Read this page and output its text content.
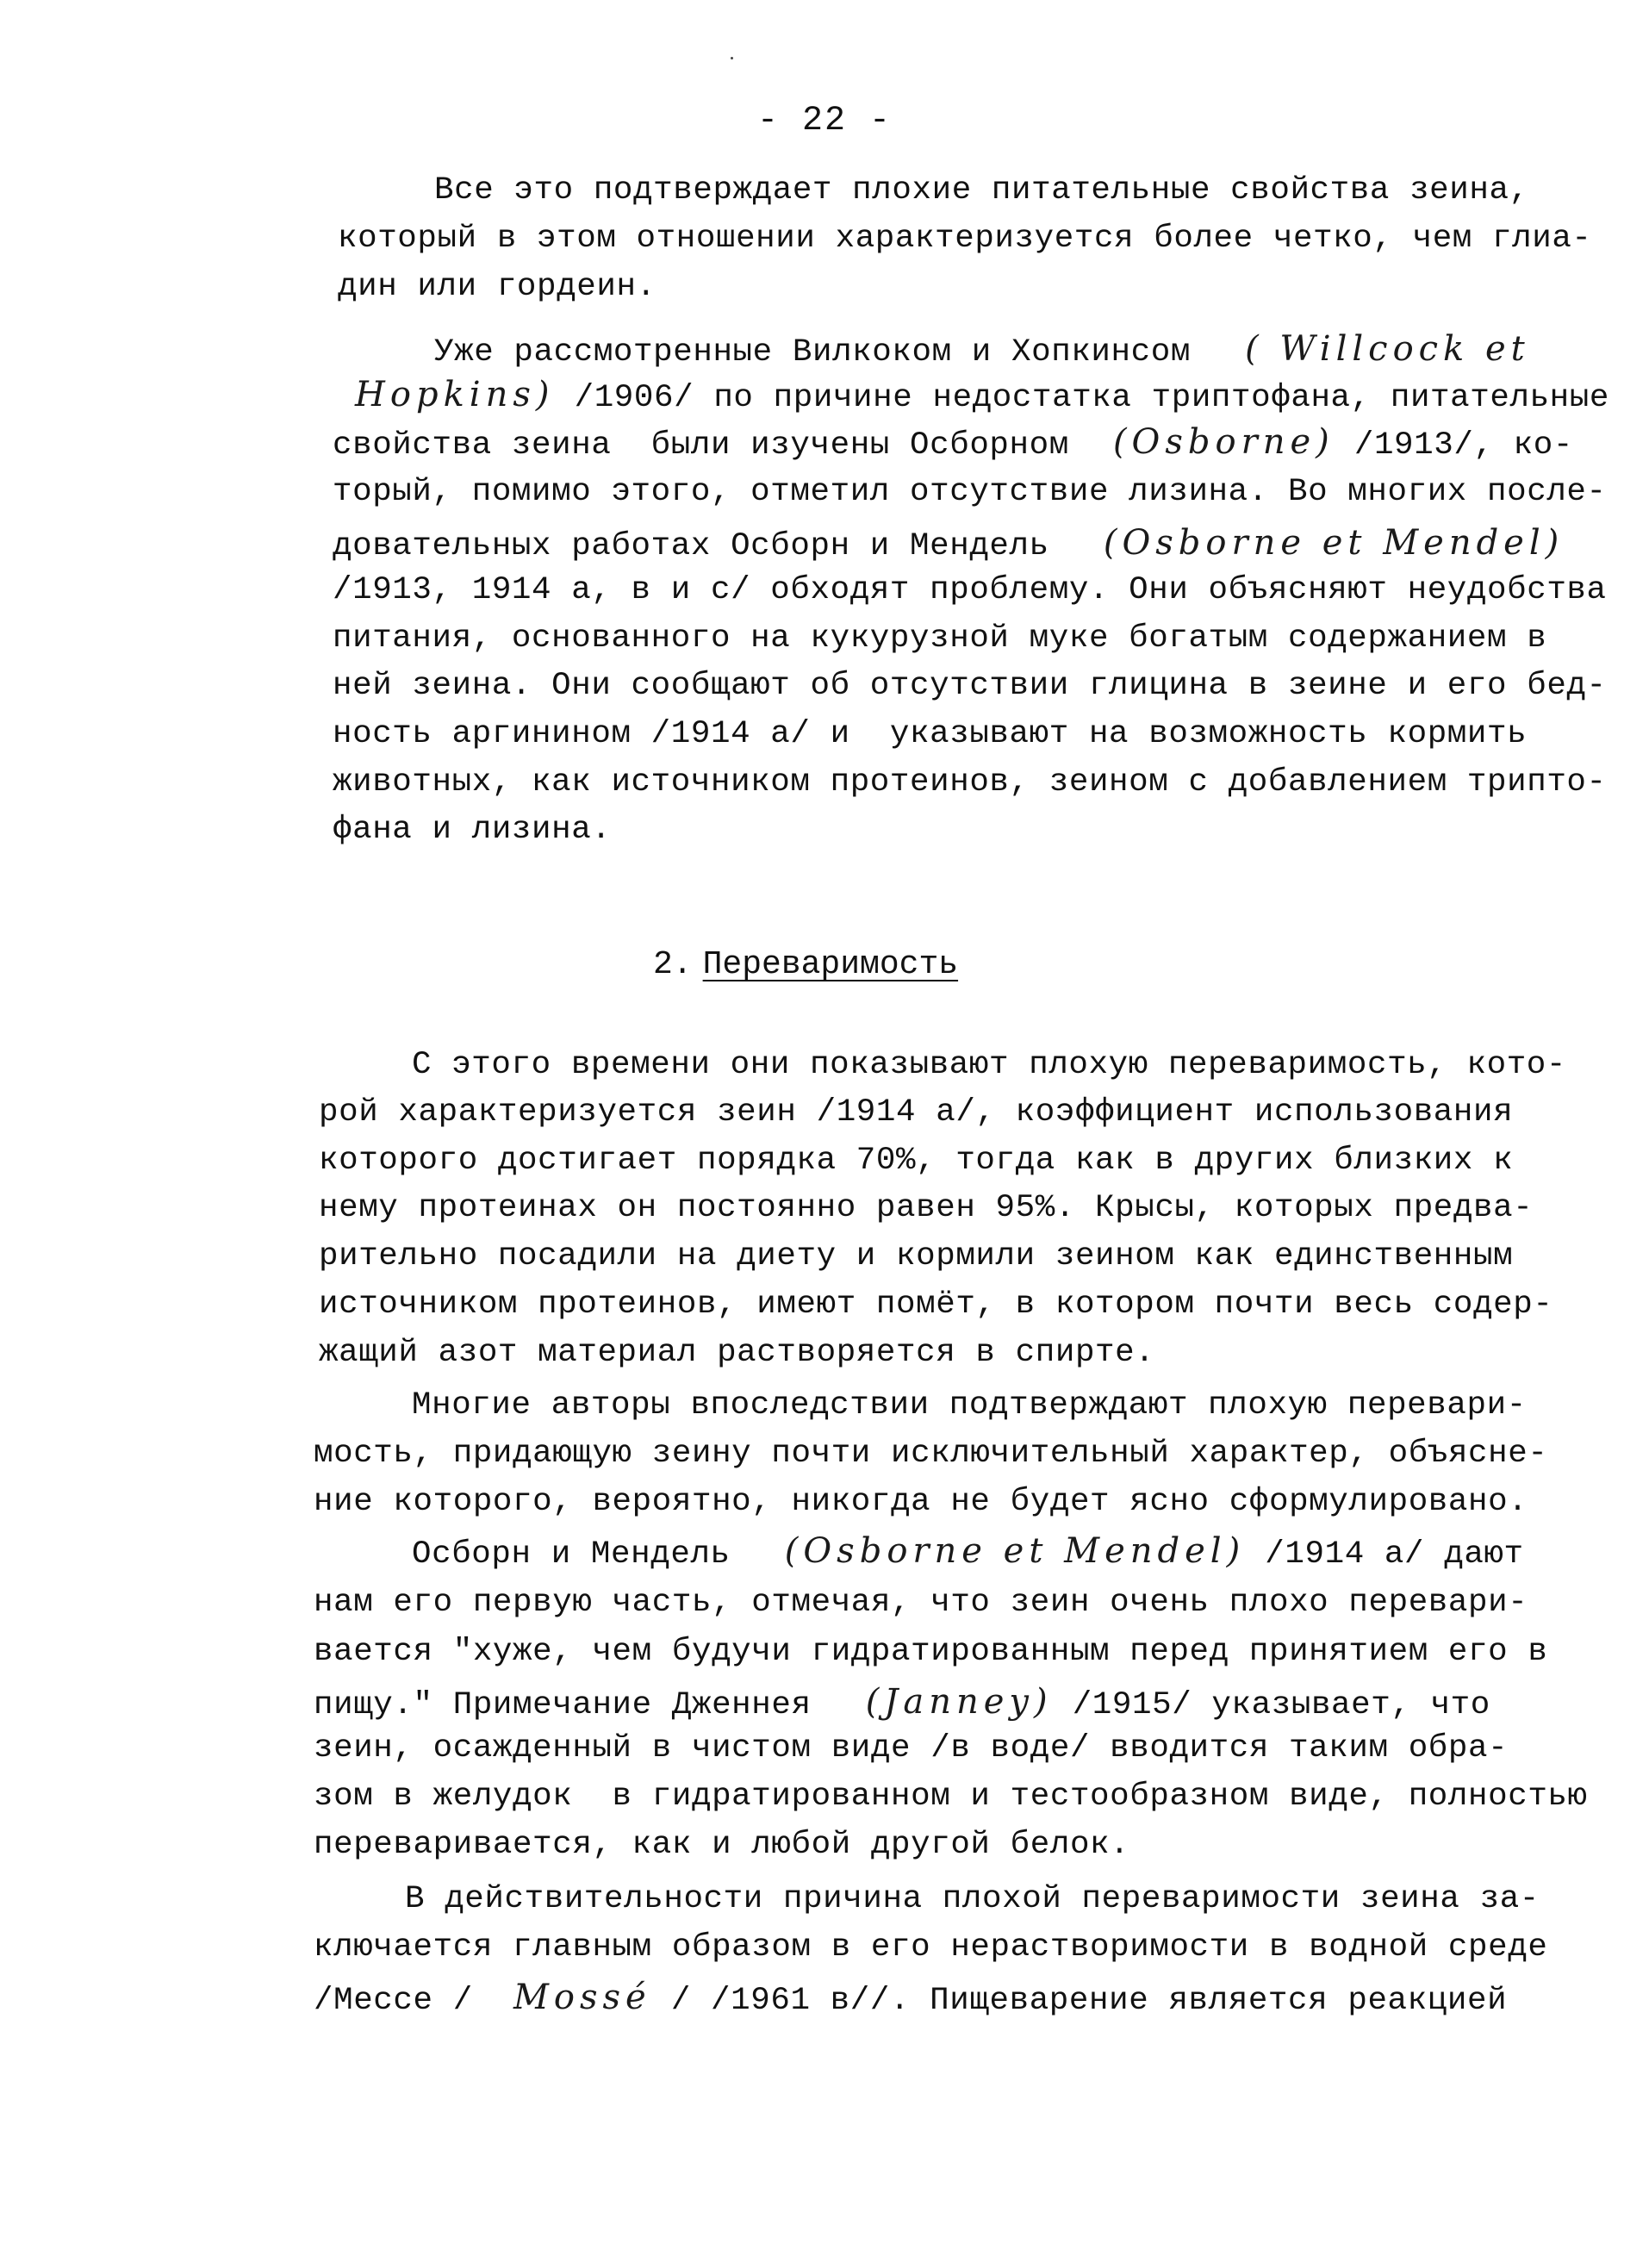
- 22 -
Все это подтверждает плохие питательные свойства зеина,
который в этом отношении характеризуется более четко, чем глиа-
дин или гордеин.
Уже рассмотренные Вилкоком и Хопкинсом ( Willcock et
Hopkins) /1906/ по причине недостатка триптофана, питательные
свойства зеина  были изучены Осборном (Osborne) /1913/, ко-
торый, помимо этого, отметил отсутствие лизина. Во многих после-
довательных работах Осборн и Мендель (Osborne et Mendel)
/1913, 1914 а, в и с/ обходят проблему. Они объясняют неудобства
питания, основанного на кукурузной муке богатым содержанием в
ней зеина. Они сообщают об отсутствии глицина в зеине и его бед-
ность аргинином /1914 а/ и  указывают на возможность кормить
животных, как источником протеинов, зеином с добавлением трипто-
фана и лизина.
2. Переваримость
С этого времени они показывают плохую переваримость, кото-
рой характеризуется зеин /1914 а/, коэффициент использования
которого достигает порядка 70%, тогда как в других близких к
нему протеинах он постоянно равен 95%. Крысы, которых предва-
рительно посадили на диету и кормили зеином как единственным
источником протеинов, имеют помёт, в котором почти весь содер-
жащий азот материал растворяется в спирте.
Многие авторы впоследствии подтверждают плохую перевари-
мость, придающую зеину почти исключительный характер, объясне-
ние которого, вероятно, никогда не будет ясно сформулировано.
Осборн и Мендель (Osborne et Mendel) /1914 а/ дают
нам его первую часть, отмечая, что зеин очень плохо перевари-
вается "хуже, чем будучи гидратированным перед принятием его в
пищу." Примечание Дженнея (Janney) /1915/ указывает, что
зеин, осажденный в чистом виде /в воде/ вводится таким обра-
зом в желудок  в гидратированном и тестообразном виде, полностью
переваривается, как и любой другой белок.
В действительности причина плохой переваримости зеина за-
ключается главным образом в его нерастворимости в водной среде
/Мессе / Mossé / /1961 в//. Пищеварение является реакцией
